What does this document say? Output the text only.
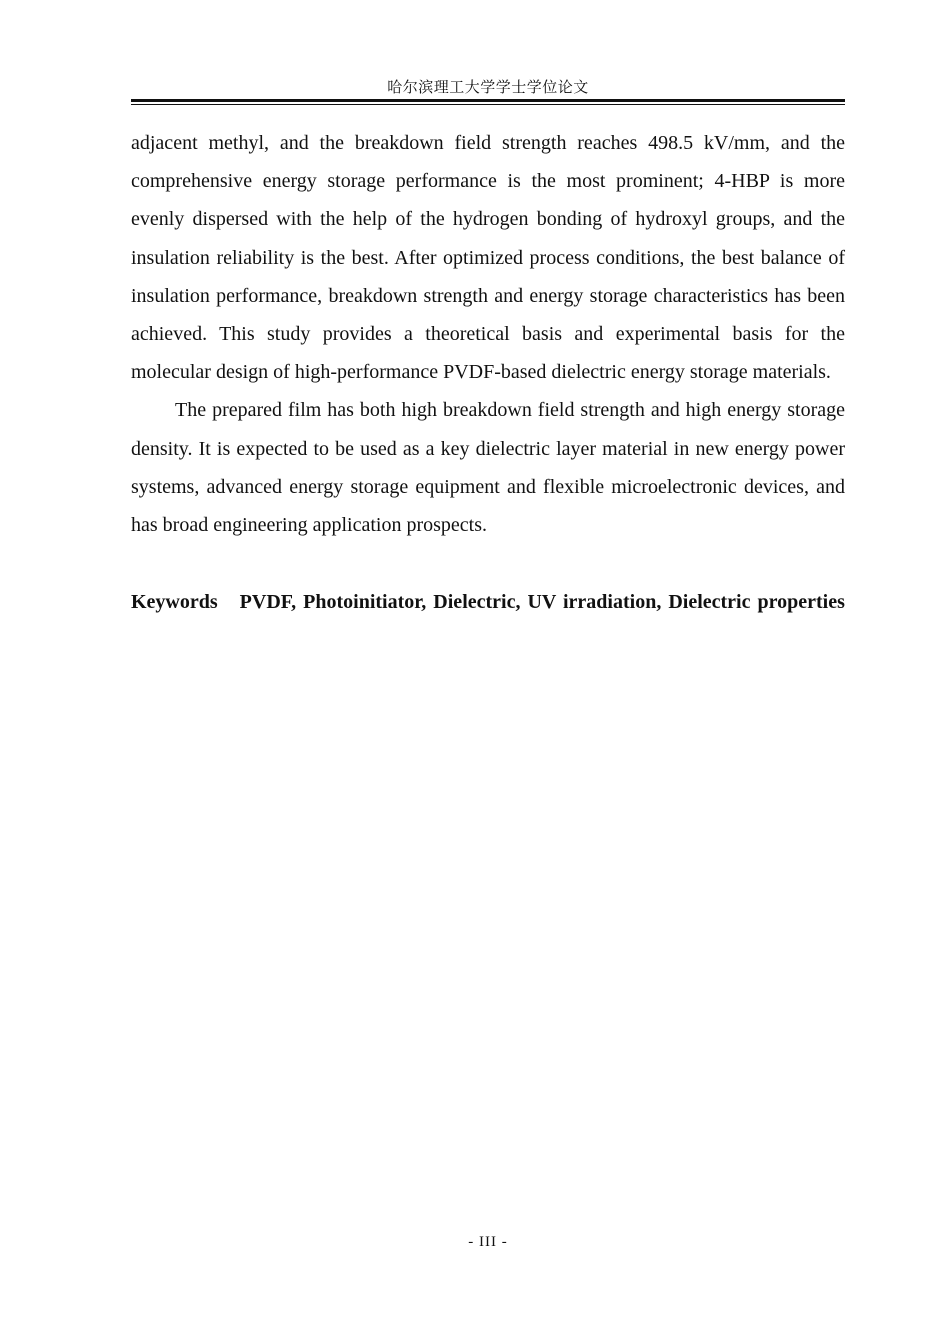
哈尔滨理工大学学士学位论文

adjacent methyl, and the breakdown field strength reaches 498.5 kV/mm, and the comprehensive energy storage performance is the most prominent; 4-HBP is more evenly dispersed with the help of the hydrogen bonding of hydroxyl groups, and the insulation reliability is the best. After optimized process conditions, the best balance of insulation performance, breakdown strength and energy storage characteristics has been achieved. This study provides a theoretical basis and experimental basis for the molecular design of high-performance PVDF-based dielectric energy storage materials.

The prepared film has both high breakdown field strength and high energy storage density. It is expected to be used as a key dielectric layer material in new energy power systems, advanced energy storage equipment and flexible microelectronic devices, and has broad engineering application prospects.

Keywords PVDF, Photoinitiator, Dielectric, UV irradiation, Dielectric properties

- III -
